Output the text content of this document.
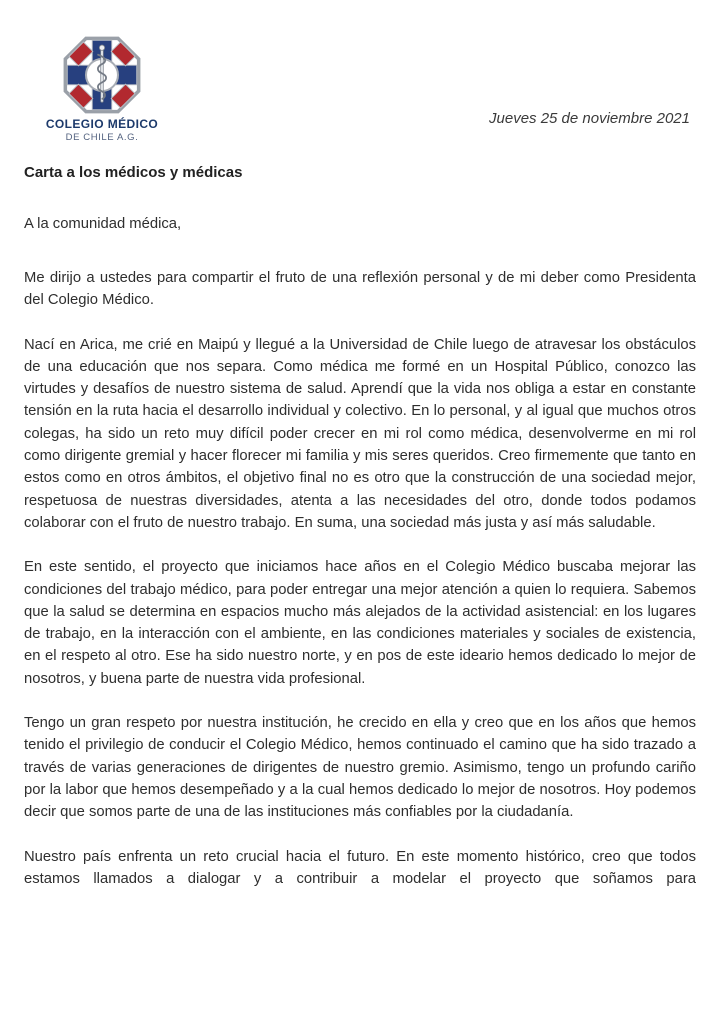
COLEGIO MÉDICO
DE CHILE A.G.
Jueves 25 de noviembre 2021
Carta a los médicos y médicas

A la comunidad médica,

Me dirijo a ustedes para compartir el fruto de una reflexión personal y de mi deber como Presidenta del Colegio Médico.

Nací en Arica, me crié en Maipú y llegué a la Universidad de Chile luego de atravesar los obstáculos de una educación que nos separa. Como médica me formé en un Hospital Público, conozco las virtudes y desafíos de nuestro sistema de salud. Aprendí que la vida nos obliga a estar en constante tensión en la ruta hacia el desarrollo individual y colectivo. En lo personal, y al igual que muchos otros colegas, ha sido un reto muy difícil poder crecer en mi rol como médica, desenvolverme en mi rol como dirigente gremial y hacer florecer mi familia y mis seres queridos. Creo firmemente que tanto en estos como en otros ámbitos, el objetivo final no es otro que la construcción de una sociedad mejor, respetuosa de nuestras diversidades, atenta a las necesidades del otro, donde todos podamos colaborar con el fruto de nuestro trabajo. En suma, una sociedad más justa y así más saludable.

En este sentido, el proyecto que iniciamos hace años en el Colegio Médico buscaba mejorar las condiciones del trabajo médico, para poder entregar una mejor atención a quien lo requiera. Sabemos que la salud se determina en espacios mucho más alejados de la actividad asistencial: en los lugares de trabajo, en la interacción con el ambiente, en las condiciones materiales y sociales de existencia, en el respeto al otro. Ese ha sido nuestro norte, y en pos de este ideario hemos dedicado lo mejor de nosotros, y buena parte de nuestra vida profesional.

Tengo un gran respeto por nuestra institución, he crecido en ella y creo que en los años que hemos tenido el privilegio de conducir el Colegio Médico, hemos continuado el camino que ha sido trazado a través de varias generaciones de dirigentes de nuestro gremio. Asimismo, tengo un profundo cariño por la labor que hemos desempeñado y a la cual hemos dedicado lo mejor de nosotros. Hoy podemos decir que somos parte de una de las instituciones más confiables por la ciudadanía.

Nuestro país enfrenta un reto crucial hacia el futuro. En este momento histórico, creo que todos estamos llamados a dialogar y a contribuir a modelar el proyecto que soñamos para
